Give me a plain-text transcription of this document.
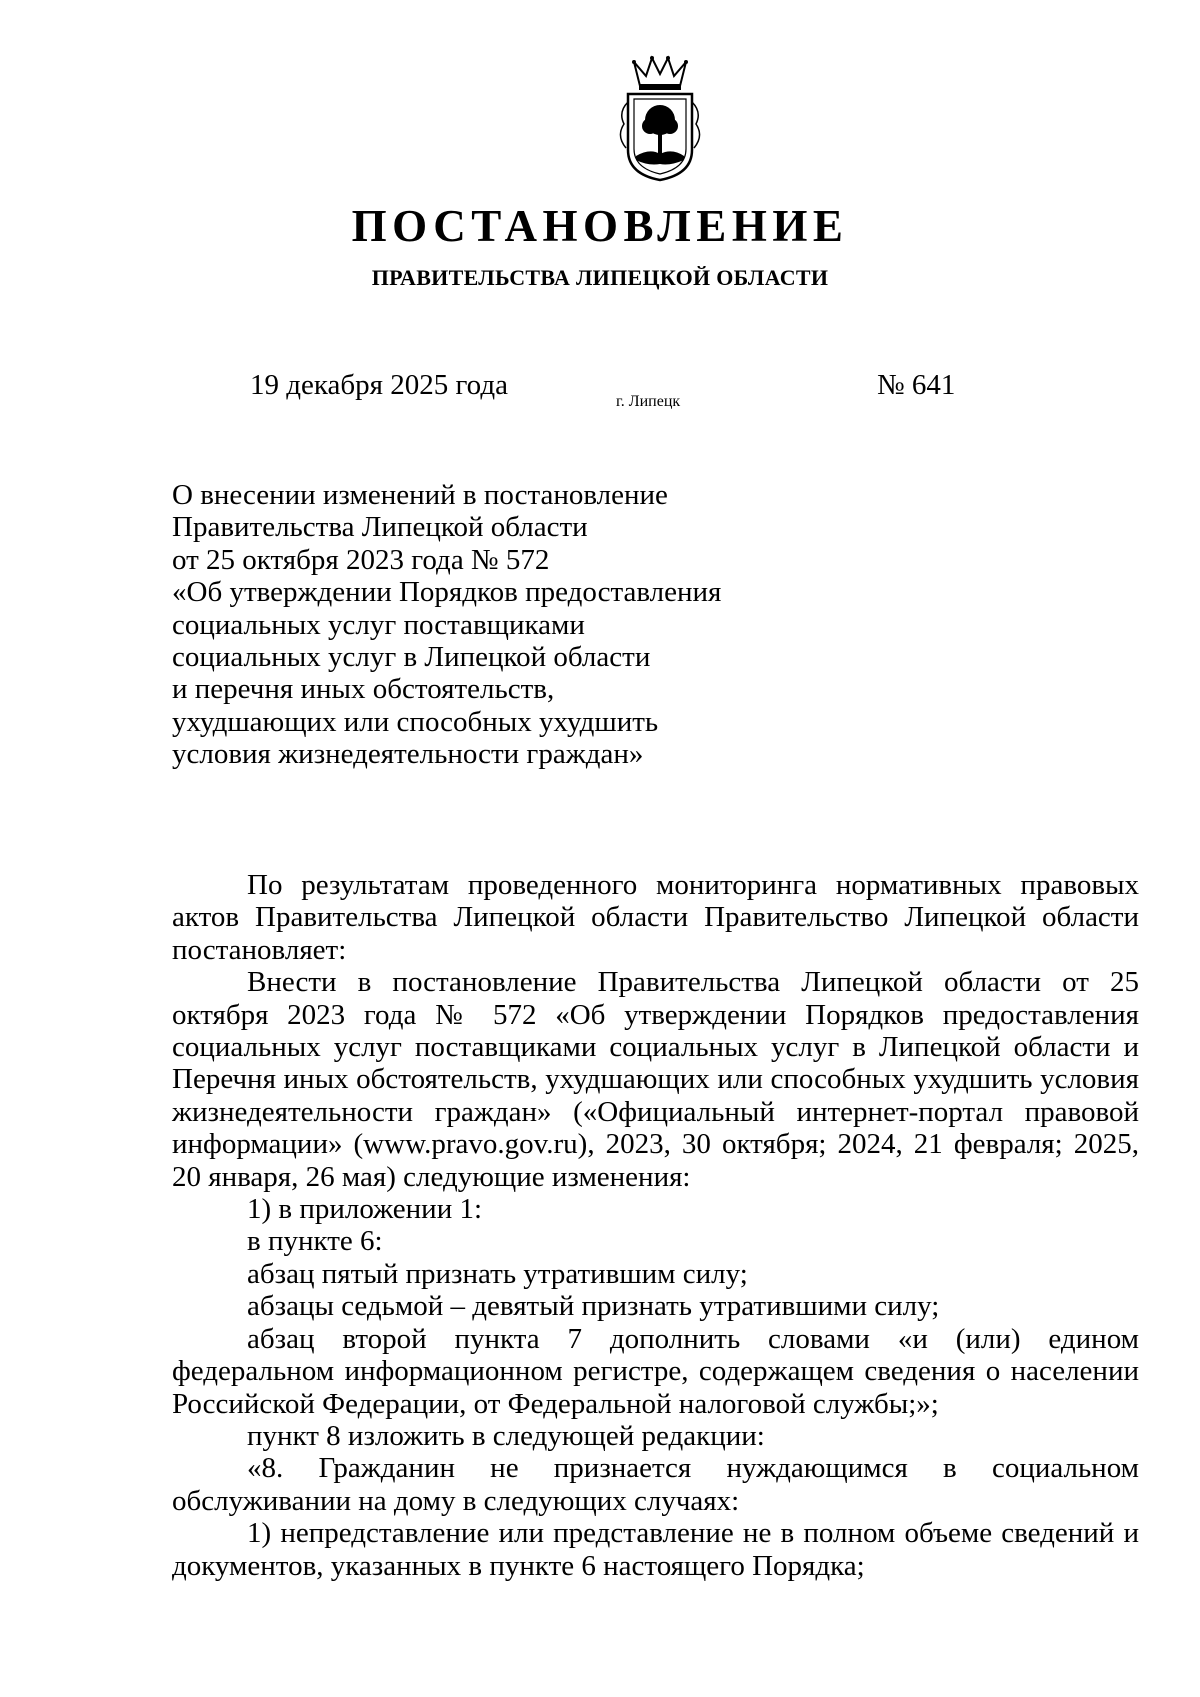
ПОСТАНОВЛЕНИЕ
ПРАВИТЕЛЬСТВА ЛИПЕЦКОЙ ОБЛАСТИ
19 декабря 2025 года
г. Липецк
№ 641
О внесении изменений в постановление
Правительства Липецкой области
от 25 октября 2023 года № 572
«Об утверждении Порядков предоставления
социальных услуг поставщиками
социальных услуг в Липецкой области
и перечня иных обстоятельств,
ухудшающих или способных ухудшить
условия жизнедеятельности граждан»

По результатам проведенного мониторинга нормативных правовых актов Правительства Липецкой области Правительство Липецкой области постановляет:

Внести в постановление Правительства Липецкой области от 25 октября 2023 года № 572 «Об утверждении Порядков предоставления социальных услуг поставщиками социальных услуг в Липецкой области и Перечня иных обстоятельств, ухудшающих или способных ухудшить условия жизнедеятельности граждан» («Официальный интернет-портал правовой информации» (www.pravo.gov.ru), 2023, 30 октября; 2024, 21 февраля; 2025, 20 января, 26 мая) следующие изменения:

1) в приложении 1:

в пункте 6:

абзац пятый признать утратившим силу;

абзацы седьмой – девятый признать утратившими силу;

абзац второй пункта 7 дополнить словами «и (или) едином федеральном информационном регистре, содержащем сведения о населении Российской Федерации, от Федеральной налоговой службы;»;

пункт 8 изложить в следующей редакции:

«8. Гражданин не признается нуждающимся в социальном обслуживании на дому в следующих случаях:

1) непредставление или представление не в полном объеме сведений и документов, указанных в пункте 6 настоящего Порядка;
